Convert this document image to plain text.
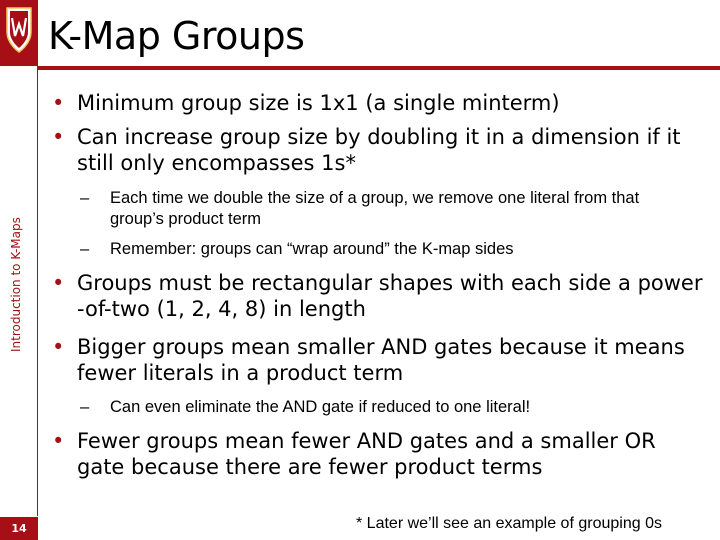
Introduction to K-Maps
14
K-Map Groups
• Minimum group size is 1x1 (a single minterm)
• Can increase group size by doubling it in a dimension if it still only encompasses 1s*
– Each time we double the size of a group, we remove one literal from that group’s product term
– Remember: groups can “wrap around” the K-map sides
• Groups must be rectangular shapes with each side a power -of-two (1, 2, 4, 8) in length
• Bigger groups mean smaller AND gates because it means fewer literals in a product term
– Can even eliminate the AND gate if reduced to one literal!
• Fewer groups mean fewer AND gates and a smaller OR gate because there are fewer product terms
* Later we’ll see an example of grouping 0s
